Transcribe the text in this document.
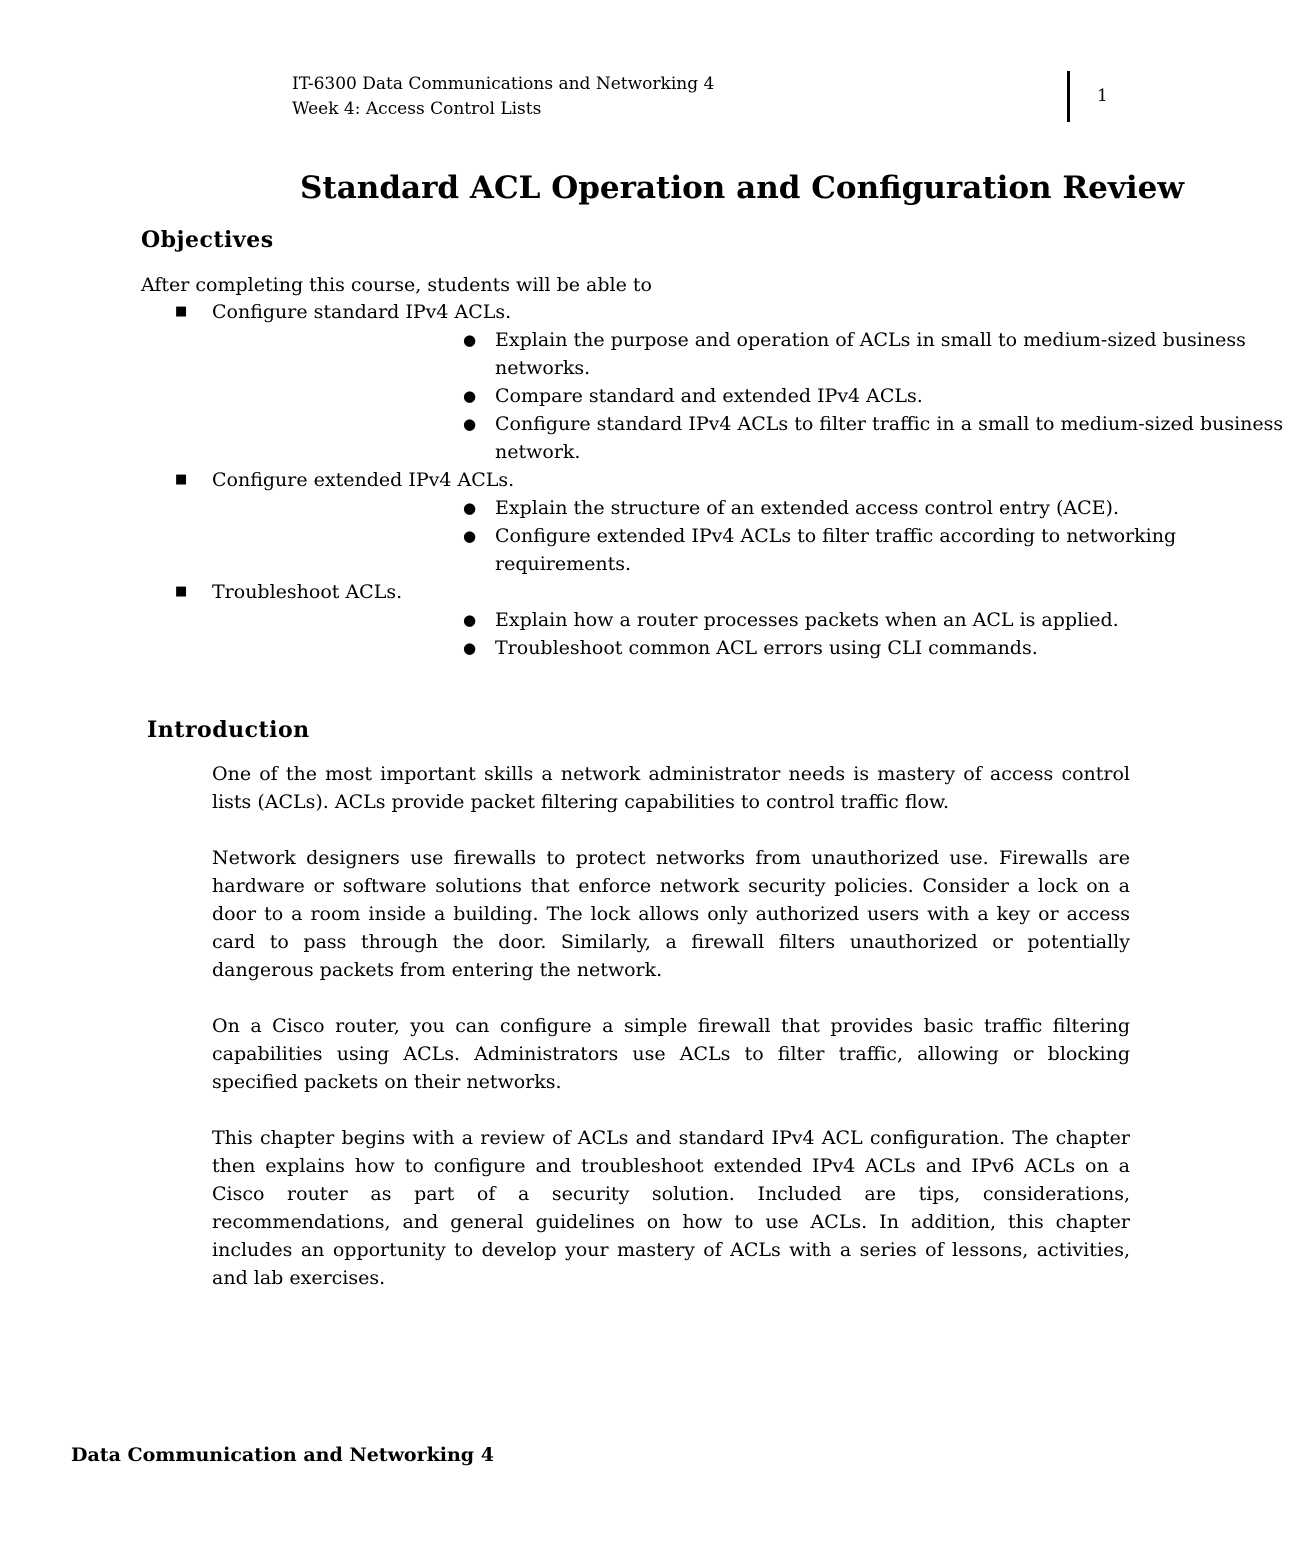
IT-6300 Data Communications and Networking 4
Week 4: Access Control Lists
1
Standard ACL Operation and Configuration Review
Objectives
After completing this course, students will be able to
■ Configure standard IPv4 ACLs.
● Explain the purpose and operation of ACLs in small to medium-sized business networks.
● Compare standard and extended IPv4 ACLs.
● Configure standard IPv4 ACLs to filter traffic in a small to medium-sized business network.
■ Configure extended IPv4 ACLs.
● Explain the structure of an extended access control entry (ACE).
● Configure extended IPv4 ACLs to filter traffic according to networking requirements.
■ Troubleshoot ACLs.
● Explain how a router processes packets when an ACL is applied.
● Troubleshoot common ACL errors using CLI commands.
Introduction

One of the most important skills a network administrator needs is mastery of access control lists (ACLs). ACLs provide packet filtering capabilities to control traffic flow.

Network designers use firewalls to protect networks from unauthorized use. Firewalls are hardware or software solutions that enforce network security policies. Consider a lock on a door to a room inside a building. The lock allows only authorized users with a key or access card to pass through the door. Similarly, a firewall filters unauthorized or potentially dangerous packets from entering the network.

On a Cisco router, you can configure a simple firewall that provides basic traffic filtering capabilities using ACLs. Administrators use ACLs to filter traffic, allowing or blocking specified packets on their networks.

This chapter begins with a review of ACLs and standard IPv4 ACL configuration. The chapter then explains how to configure and troubleshoot extended IPv4 ACLs and IPv6 ACLs on a Cisco router as part of a security solution. Included are tips, considerations, recommendations, and general guidelines on how to use ACLs. In addition, this chapter includes an opportunity to develop your mastery of ACLs with a series of lessons, activities, and lab exercises.

Data Communication and Networking 4
